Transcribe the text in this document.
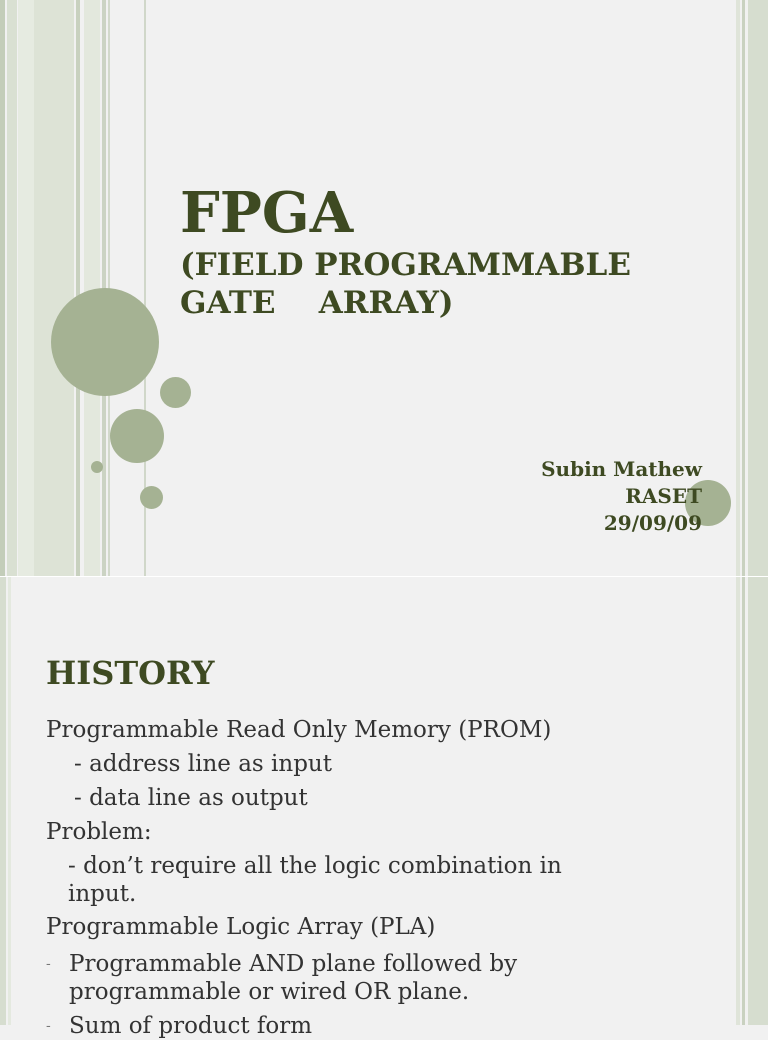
FPGA
(FIELD PROGRAMMABLE
GATE    ARRAY)
Subin Mathew
RASET
29/09/09
HISTORY
Programmable Read Only Memory (PROM)
- address line as input
- data line as output
Problem:
- don’t require all the logic combination in input.
Programmable Logic Array (PLA)
- Programmable AND plane followed by programmable or wired OR plane.
- Sum of product form
